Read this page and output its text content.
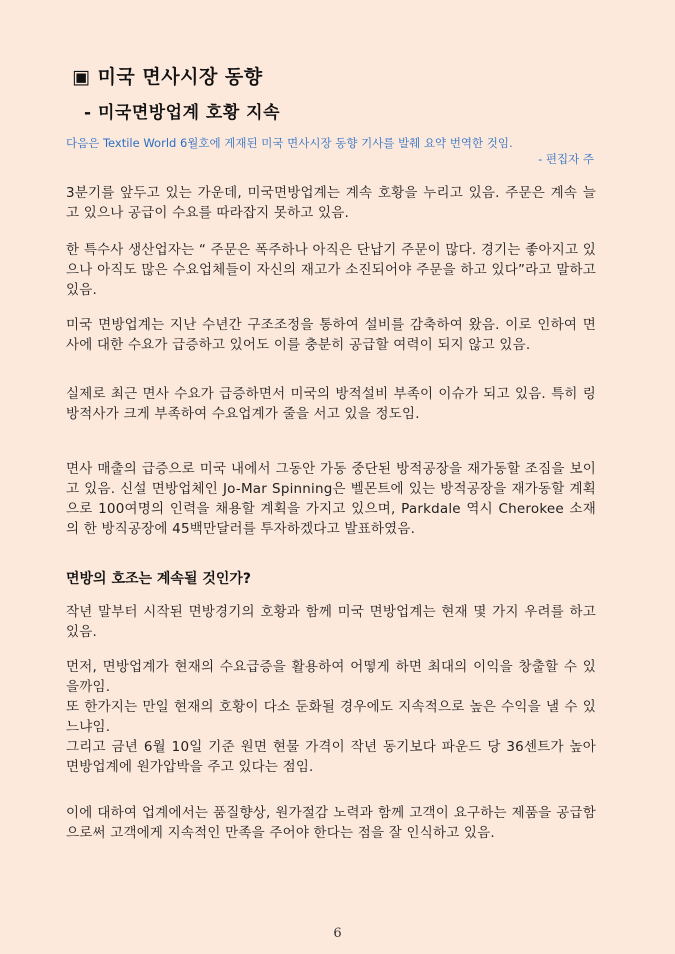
▣ 미국 면사시장 동향
- 미국면방업계 호황 지속
다음은 Textile World 6월호에 게재된 미국 면사시장 동향 기사를 발췌 요약 번역한 것임.
- 편집자 주

3분기를 앞두고 있는 가운데, 미국면방업계는 계속 호황을 누리고 있음. 주문은 계속 늘고 있으나 공급이 수요를 따라잡지 못하고 있음.

한 특수사 생산업자는 “ 주문은 폭주하나 아직은 단납기 주문이 많다. 경기는 좋아지고 있으나 아직도 많은 수요업체들이 자신의 재고가 소진되어야 주문을 하고 있다”라고 말하고 있음.

미국 면방업계는 지난 수년간 구조조정을 통하여 설비를 감축하여 왔음. 이로 인하여 면사에 대한 수요가 급증하고 있어도 이를 충분히 공급할 여력이 되지 않고 있음.

실제로 최근 면사 수요가 급증하면서 미국의 방적설비 부족이 이슈가 되고 있음. 특히 링방적사가 크게 부족하여 수요업계가 줄을 서고 있을 정도임.

면사 매출의 급증으로 미국 내에서 그동안 가동 중단된 방적공장을 재가동할 조짐을 보이고 있음. 신설 면방업체인 Jo-Mar Spinning은 벨몬트에 있는 방적공장을 재가동할 계획으로 100여명의 인력을 채용할 계획을 가지고 있으며, Parkdale 역시 Cherokee 소재의 한 방직공장에 45백만달러를 투자하겠다고 발표하였음.

면방의 호조는 계속될 것인가?

작년 말부터 시작된 면방경기의 호황과 함께 미국 면방업계는 현재 몇 가지 우려를 하고 있음.

먼저, 면방업계가 현재의 수요급증을 활용하여 어떻게 하면 최대의 이익을 창출할 수 있을까임.

또 한가지는 만일 현재의 호황이 다소 둔화될 경우에도 지속적으로 높은 수익을 낼 수 있느냐임.

그리고 금년 6월 10일 기준 원면 현물 가격이 작년 동기보다 파운드 당 36센트가 높아 면방업계에 원가압박을 주고 있다는 점임.

이에 대하여 업계에서는 품질향상, 원가절감 노력과 함께 고객이 요구하는 제품을 공급함으로써 고객에게 지속적인 만족을 주어야 한다는 점을 잘 인식하고 있음.

6
